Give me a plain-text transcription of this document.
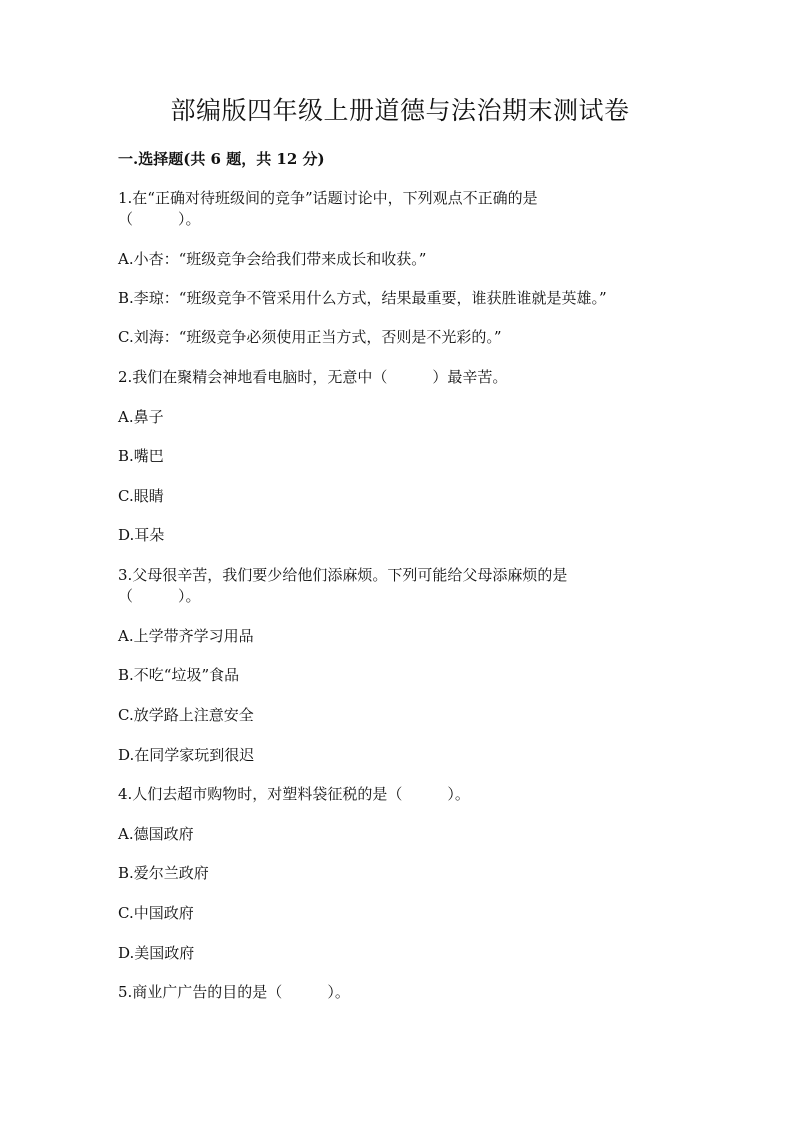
部编版四年级上册道德与法治期末测试卷
一.选择题(共 6 题，共 12 分)
1.在“正确对待班级间的竞争”话题讨论中，下列观点不正确的是
（　　　）。
A.小杏：“班级竞争会给我们带来成长和收获。”
B.李琼：“班级竞争不管采用什么方式，结果最重要，谁获胜谁就是英雄。”
C.刘海：“班级竞争必须使用正当方式，否则是不光彩的。”
2.我们在聚精会神地看电脑时，无意中（　　　）最辛苦。
A.鼻子
B.嘴巴
C.眼睛
D.耳朵
3.父母很辛苦，我们要少给他们添麻烦。下列可能给父母添麻烦的是
（　　　）。
A.上学带齐学习用品
B.不吃“垃圾”食品
C.放学路上注意安全
D.在同学家玩到很迟
4.人们去超市购物时，对塑料袋征税的是（　　　）。
A.德国政府
B.爱尔兰政府
C.中国政府
D.美国政府
5.商业广广告的目的是（　　　）。
